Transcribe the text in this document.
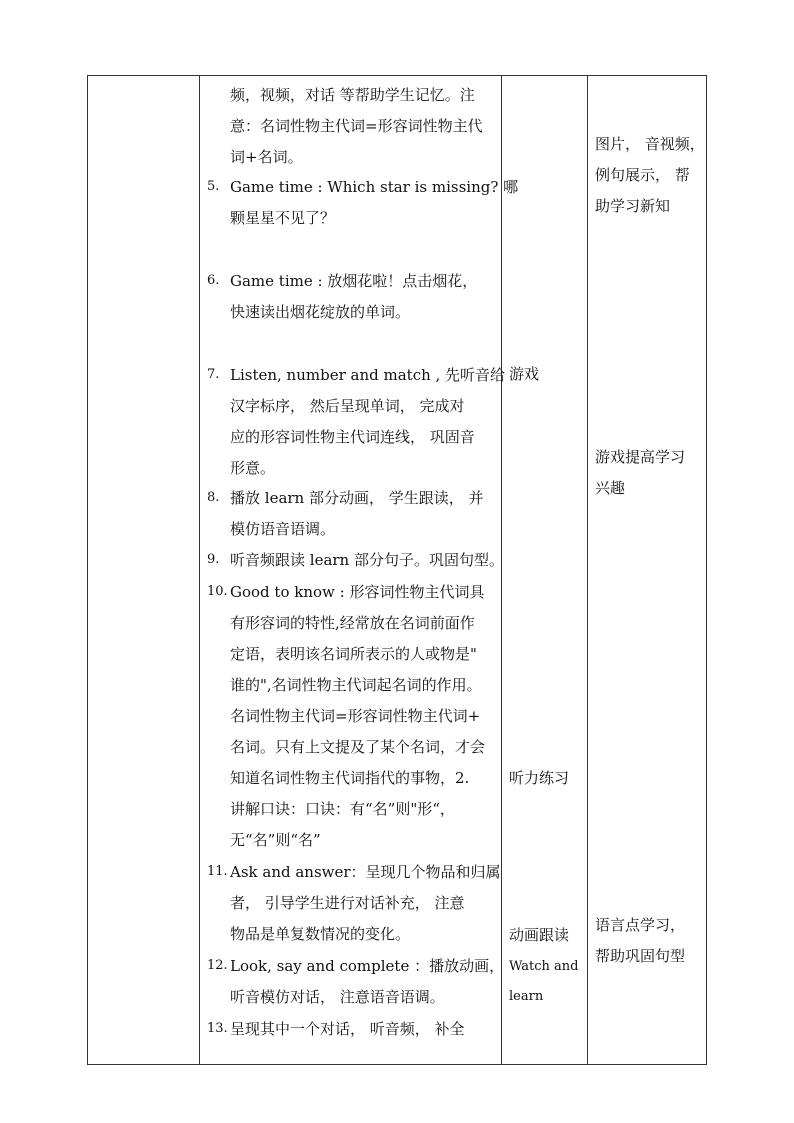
频，视频，对话 等帮助学生记忆。注
意：名词性物主代词=形容词性物主代
词+名词。
5. Game time : Which star is missing? 哪
颗星星不见了？
6. Game time : 放烟花啦！点击烟花，
快速读出烟花绽放的单词。
7. Listen, number and match , 先听音给
汉字标序， 然后呈现单词， 完成对
应的形容词性物主代词连线， 巩固音
形意。
8. 播放 learn 部分动画， 学生跟读， 并
模仿语音语调。
9. 听音频跟读 learn 部分句子。巩固句型。
10. Good to know : 形容词性物主代词具
有形容词的特性,经常放在名词前面作
定语，表明该名词所表示的人或物是"
谁的",名词性物主代词起名词的作用。
名词性物主代词=形容词性物主代词+
名词。只有上文提及了某个名词，才会
知道名词性物主代词指代的事物，2.
讲解口诀：口诀：有“名”则"形“，
无“名”则“名”
11. Ask and answer：呈现几个物品和归属
者， 引导学生进行对话补充， 注意
物品是单复数情况的变化。
12. Look, say and complete ：播放动画，
听音模仿对话， 注意语音语调。
13. 呈现其中一个对话， 听音频， 补全
游戏
听力练习
动画跟读
Watch and
learn
图片， 音视频，
例句展示， 帮
助学习新知
游戏提高学习
兴趣
语言点学习，
帮助巩固句型
